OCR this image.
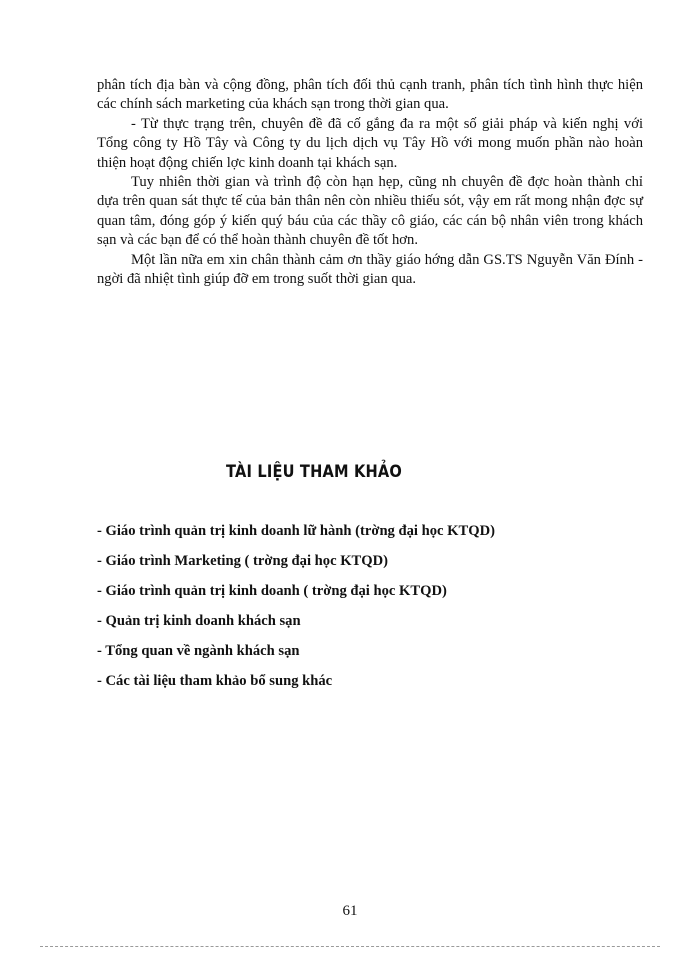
phân tích địa bàn và cộng đồng, phân tích đối thủ cạnh tranh, phân tích tình hình thực hiện các chính sách marketing của khách sạn trong thời gian qua.

- Từ thực trạng trên, chuyên đề đã cố gắng đa ra một số giải pháp và kiến nghị với Tổng công ty Hồ Tây và Công ty du lịch dịch vụ Tây Hồ với mong muốn phần nào hoàn thiện hoạt động chiến lợc kinh doanh tại khách sạn.

Tuy nhiên thời gian và trình độ còn hạn hẹp, cũng nh chuyên đề đợc hoàn thành chỉ dựa trên quan sát thực tế của bản thân nên còn nhiều thiếu sót, vậy em rất mong nhận đợc sự quan tâm, đóng góp ý kiến quý báu của các thầy cô giáo, các cán bộ nhân viên trong khách sạn và các bạn để có thể hoàn thành chuyên đề tốt hơn.

Một lần nữa em xin chân thành cảm ơn thầy giáo hớng dẫn GS.TS Nguyễn Văn Đính - ngời đã nhiệt tình giúp đỡ em trong suốt thời gian qua.

TÀI LIỆU THAM KHẢO
- Giáo trình quản trị kinh doanh lữ hành (trờng đại học KTQD)
- Giáo trình Marketing ( trờng đại học KTQD)
- Giáo trình quản trị kinh doanh ( trờng đại học KTQD)
- Quản trị kinh doanh khách sạn
- Tổng quan về ngành khách sạn
- Các tài liệu tham khảo bổ sung khác
61
